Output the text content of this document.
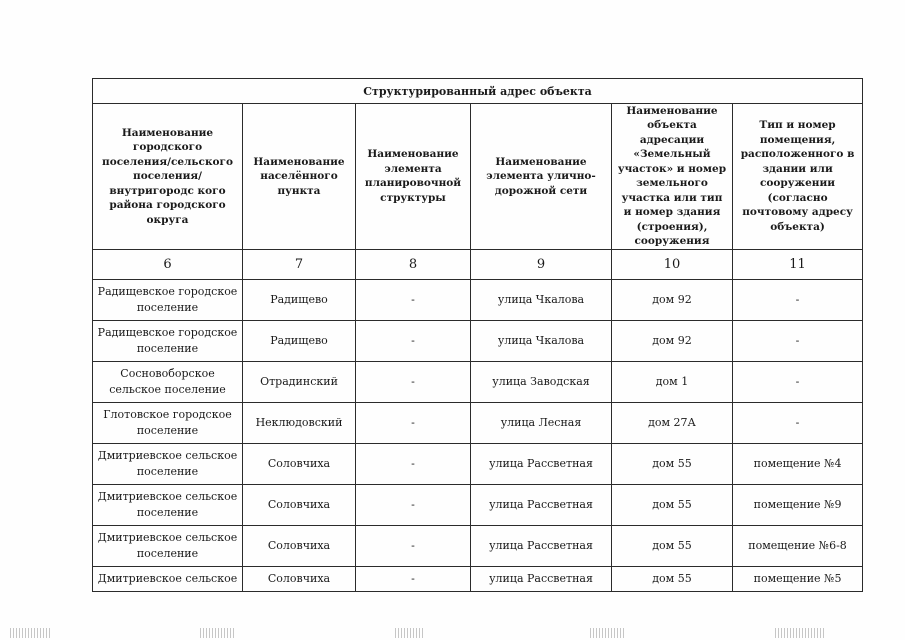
Структурированный адрес объекта					
Наименование городского поселения/сельского поселения/внутригородс кого района городского округа	Наименование населённого пункта	Наименование элемента планировочной структуры	Наименование элемента улично-дорожной сети	Наименование объекта адресации «Земельный участок» и номер земельного участка или тип и номер здания (строения), сооружения	Тип и номер помещения, расположенного в здании или сооружении (согласно почтовому адресу объекта)
6	7	8	9	10	11
Радищевское городское поселение	Радищево	-	улица Чкалова	дом 92	-
Радищевское городское поселение	Радищево	-	улица Чкалова	дом 92	-
Сосновоборское сельское поселение	Отрадинский	-	улица Заводская	дом 1	-
Глотовское городское поселение	Неклюдовский	-	улица Лесная	дом 27А	-
Дмитриевское сельское поселение	Соловчиха	-	улица Рассветная	дом 55	помещение №4
Дмитриевское сельское поселение	Соловчиха	-	улица Рассветная	дом 55	помещение №9
Дмитриевское сельское поселение	Соловчиха	-	улица Рассветная	дом 55	помещение №6-8
Дмитриевское сельское	Соловчиха	-	улица Рассветная	дом 55	помещение №5
